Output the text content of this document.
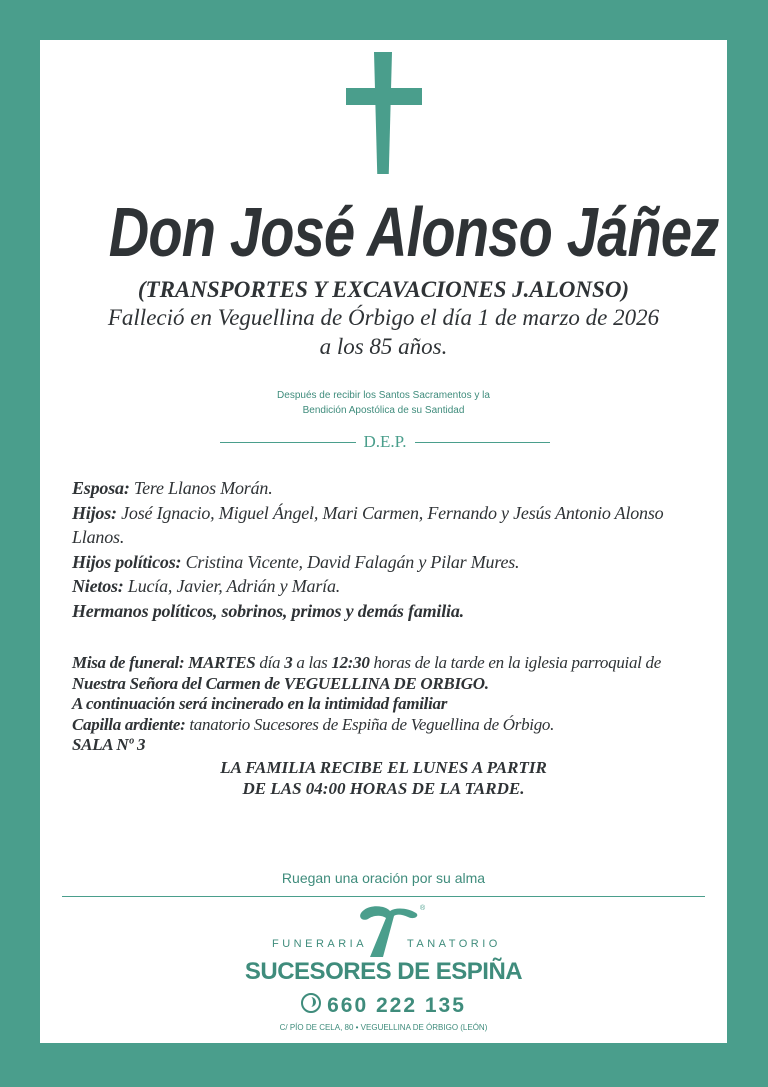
Don José Alonso Jáñez
(TRANSPORTES Y EXCAVACIONES J.ALONSO)
Falleció en Veguellina de Órbigo el día 1 de marzo de 2026
a los 85 años.
Después de recibir los Santos Sacramentos y la
Bendición Apostólica de su Santidad
D.E.P.
Esposa: Tere Llanos Morán.
Hijos: José Ignacio, Miguel Ángel, Mari Carmen, Fernando y Jesús Antonio Alonso Llanos.
Hijos políticos: Cristina Vicente, David Falagán y Pilar Mures.
Nietos: Lucía, Javier, Adrián y María.
Hermanos políticos, sobrinos, primos y demás familia.
Misa de funeral: MARTES día 3 a las 12:30 horas de la tarde en la iglesia parroquial de Nuestra Señora del Carmen de VEGUELLINA DE ORBIGO.
A continuación será incinerado en la intimidad familiar
Capilla ardiente: tanatorio Sucesores de Espiña de Veguellina de Órbigo.
SALA Nº 3
LA FAMILIA RECIBE EL LUNES A PARTIR
DE LAS 04:00 HORAS DE LA TARDE.
Ruegan una oración por su alma
®
FUNERARIA	TANATORIO
SUCESORES DE ESPIÑA
660 222 135
C/ PÍO DE CELA, 80 • VEGUELLINA DE ÓRBIGO (LEÓN)
